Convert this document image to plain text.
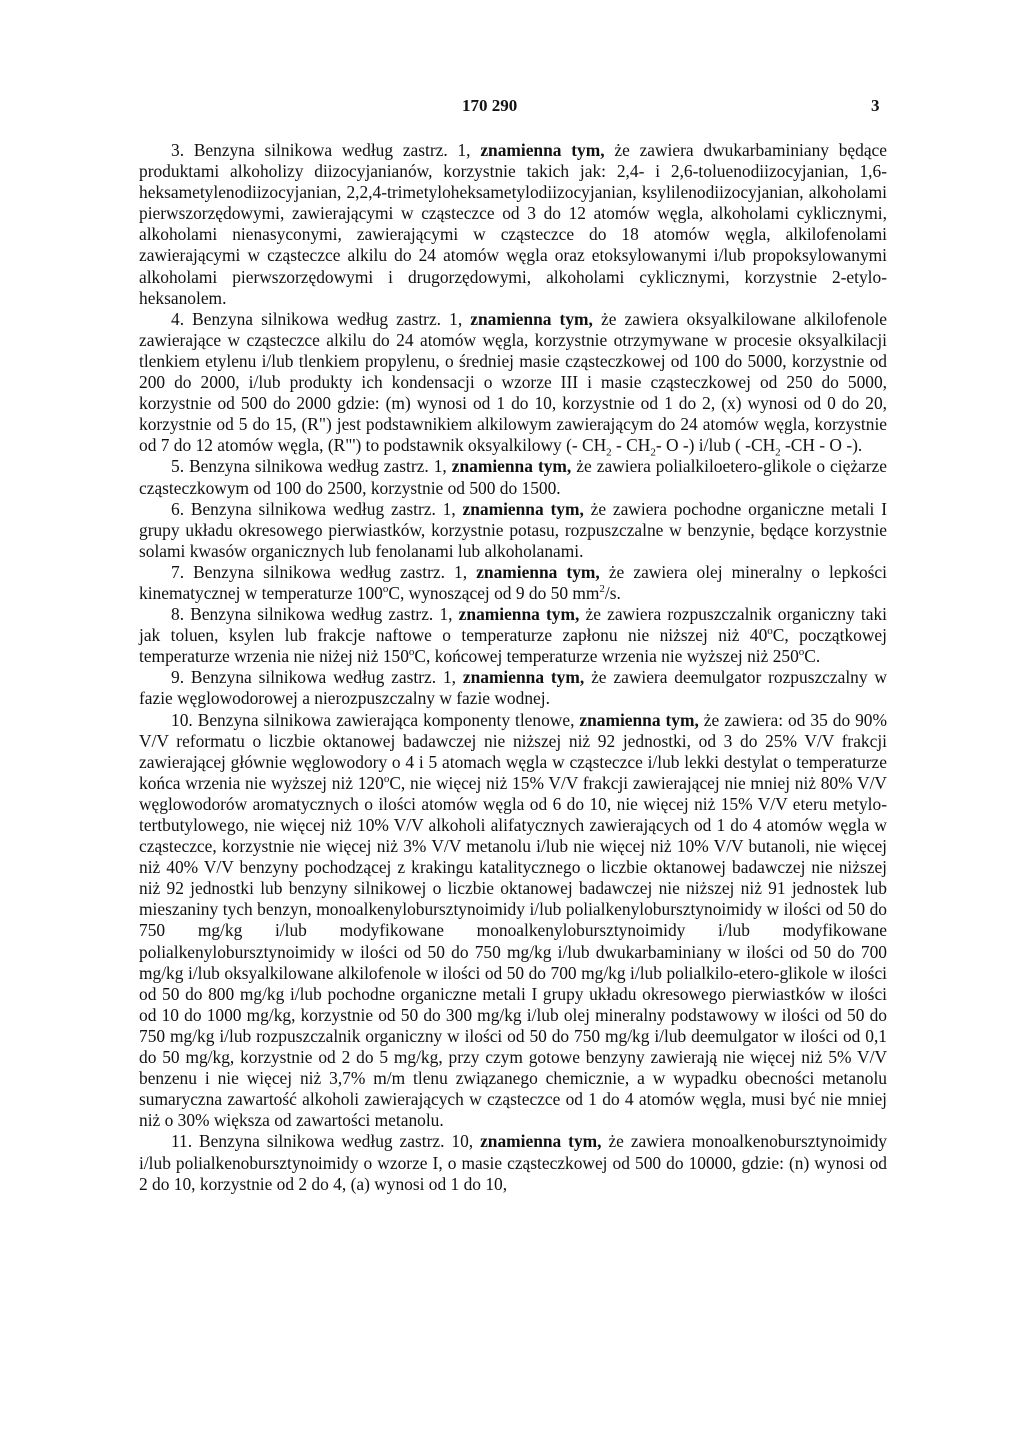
170 290	3

3. Benzyna silnikowa według zastrz. 1, znamienna tym, że zawiera dwukarbaminiany będące produktami alkoholizy diizocyjanianów, korzystnie takich jak: 2,4- i 2,6-toluenodiizocyjanian, 1,6-heksametylenodiizocyjanian, 2,2,4-trimetyloheksametylodiizocyjanian, ksylilenodiizocyjanian, alkoholami pierwszorzędowymi, zawierającymi w cząsteczce od 3 do 12 atomów węgla, alkoholami cyklicznymi, alkoholami nienasyconymi, zawierającymi w cząsteczce do 18 atomów węgla, alkilofenolami zawierającymi w cząsteczce alkilu do 24 atomów węgla oraz etoksylowanymi i/lub propoksylowanymi alkoholami pierwszorzędowymi i drugorzędowymi, alkoholami cyklicznymi, korzystnie 2-etylo-heksanolem.

4. Benzyna silnikowa według zastrz. 1, znamienna tym, że zawiera oksyalkilowane alkilofenole zawierające w cząsteczce alkilu do 24 atomów węgla, korzystnie otrzymywane w procesie oksyalkilacji tlenkiem etylenu i/lub tlenkiem propylenu, o średniej masie cząsteczkowej od 100 do 5000, korzystnie od 200 do 2000, i/lub produkty ich kondensacji o wzorze III i masie cząsteczkowej od 250 do 5000, korzystnie od 500 do 2000 gdzie: (m) wynosi od 1 do 10, korzystnie od 1 do 2, (x) wynosi od 0 do 20, korzystnie od 5 do 15, (R") jest podstawnikiem alkilowym zawierającym do 24 atomów węgla, korzystnie od 7 do 12 atomów węgla, (R"') to podstawnik oksyalkilowy (- $CH_2 - CH_2-$ O -) i/lub ( $-CH_2$ -CH - O -).

5. Benzyna silnikowa według zastrz. 1, znamienna tym, że zawiera polialkiloetero-glikole o ciężarze cząsteczkowym od 100 do 2500, korzystnie od 500 do 1500.

6. Benzyna silnikowa według zastrz. 1, znamienna tym, że zawiera pochodne organiczne metali I grupy układu okresowego pierwiastków, korzystnie potasu, rozpuszczalne w benzynie, będące korzystnie solami kwasów organicznych lub fenolanami lub alkoholanami.

7. Benzyna silnikowa według zastrz. 1, znamienna tym, że zawiera olej mineralny o lepkości kinematycznej w temperaturze 100$^o$C, wynoszącej od 9 do 50 $mm^2/s$.

8. Benzyna silnikowa według zastrz. 1, znamienna tym, że zawiera rozpuszczalnik organiczny taki jak toluen, ksylen lub frakcje naftowe o temperaturze zapłonu nie niższej niż 40$^o$C, początkowej temperaturze wrzenia nie niżej niż 150$^o$C, końcowej temperaturze wrzenia nie wyższej niż 250$^o$C.

9. Benzyna silnikowa według zastrz. 1, znamienna tym, że zawiera deemulgator rozpuszczalny w fazie węglowodorowej a nierozpuszczalny w fazie wodnej.

10. Benzyna silnikowa zawierająca komponenty tlenowe, znamienna tym, że zawiera: od 35 do 90% V/V reformatu o liczbie oktanowej badawczej nie niższej niż 92 jednostki, od 3 do 25% V/V frakcji zawierającej głównie węglowodory o 4 i 5 atomach węgla w cząsteczce i/lub lekki destylat o temperaturze końca wrzenia nie wyższej niż 120$^o$C, nie więcej niż 15% V/V frakcji zawierającej nie mniej niż 80% V/V węglowodorów aromatycznych o ilości atomów węgla od 6 do 10, nie więcej niż 15% V/V eteru metylo-tertbutylowego, nie więcej niż 10% V/V alkoholi alifatycznych zawierających od 1 do 4 atomów węgla w cząsteczce, korzystnie nie więcej niż 3% V/V metanolu i/lub nie więcej niż 10% V/V butanoli, nie więcej niż 40% V/V benzyny pochodzącej z krakingu katalitycznego o liczbie oktanowej badawczej nie niższej niż 92 jednostki lub benzyny silnikowej o liczbie oktanowej badawczej nie niższej niż 91 jednostek lub mieszaniny tych benzyn, monoalkenylobursztynoimidy i/lub polialkenylobursztynoimidy w ilości od 50 do 750 mg/kg i/lub modyfikowane monoalkenylobursztynoimidy i/lub modyfikowane polialkenylobursztynoimidy w ilości od 50 do 750 mg/kg i/lub dwukarbaminiany w ilości od 50 do 700 mg/kg i/lub oksyalkilowane alkilofenole w ilości od 50 do 700 mg/kg i/lub polialkilo-etero-glikole w ilości od 50 do 800 mg/kg i/lub pochodne organiczne metali I grupy układu okresowego pierwiastków w ilości od 10 do 1000 mg/kg, korzystnie od 50 do 300 mg/kg i/lub olej mineralny podstawowy w ilości od 50 do 750 mg/kg i/lub rozpuszczalnik organiczny w ilości od 50 do 750 mg/kg i/lub deemulgator w ilości od 0,1 do 50 mg/kg, korzystnie od 2 do 5 mg/kg, przy czym gotowe benzyny zawierają nie więcej niż 5% V/V benzenu i nie więcej niż 3,7% m/m tlenu związanego chemicznie, a w wypadku obecności metanolu sumaryczna zawartość alkoholi zawierających w cząsteczce od 1 do 4 atomów węgla, musi być nie mniej niż o 30% większa od zawartości metanolu.

11. Benzyna silnikowa według zastrz. 10, znamienna tym, że zawiera monoalkenobursztynoimidy i/lub polialkenobursztynoimidy o wzorze I, o masie cząsteczkowej od 500 do 10000, gdzie: (n) wynosi od 2 do 10, korzystnie od 2 do 4, (a) wynosi od 1 do 10,
